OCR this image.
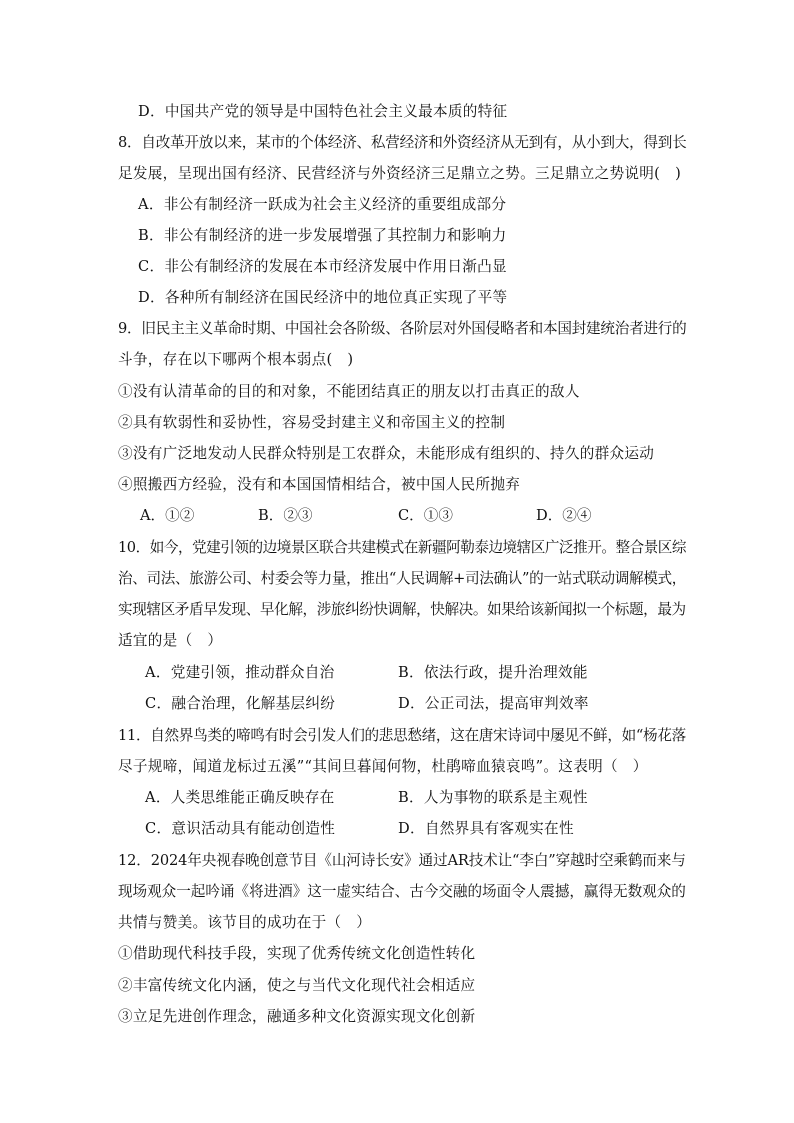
D．中国共产党的领导是中国特色社会主义最本质的特征
8．自改革开放以来，某市的个体经济、私营经济和外资经济从无到有，从小到大，得到长
足发展，呈现出国有经济、民营经济与外资经济三足鼎立之势。三足鼎立之势说明(　)
A．非公有制经济一跃成为社会主义经济的重要组成部分
B．非公有制经济的进一步发展增强了其控制力和影响力
C．非公有制经济的发展在本市经济发展中作用日渐凸显
D．各种所有制经济在国民经济中的地位真正实现了平等
9．旧民主主义革命时期、中国社会各阶级、各阶层对外国侵略者和本国封建统治者进行的
斗争，存在以下哪两个根本弱点(　)
①没有认清革命的目的和对象，不能团结真正的朋友以打击真正的敌人
②具有软弱性和妥协性，容易受封建主义和帝国主义的控制
③没有广泛地发动人民群众特别是工农群众，未能形成有组织的、持久的群众运动
④照搬西方经验，没有和本国国情相结合，被中国人民所抛弃
A．①②	B．②③	C．①③	D．②④
10．如今，党建引领的边境景区联合共建模式在新疆阿勒泰边境辖区广泛推开。整合景区综
治、司法、旅游公司、村委会等力量，推出“人民调解+司法确认”的一站式联动调解模式，
实现辖区矛盾早发现、早化解，涉旅纠纷快调解，快解决。如果给该新闻拟一个标题，最为
适宜的是（　）
A．党建引领，推动群众自治	B．依法行政，提升治理效能
C．融合治理，化解基层纠纷	D．公正司法，提高审判效率
11．自然界鸟类的啼鸣有时会引发人们的悲思愁绪，这在唐宋诗词中屡见不鲜，如“杨花落
尽子规啼，闻道龙标过五溪”“其间旦暮闻何物，杜鹃啼血猿哀鸣”。这表明（　）
A．人类思维能正确反映存在	B．人为事物的联系是主观性
C．意识活动具有能动创造性	D．自然界具有客观实在性
12．2024年央视春晚创意节目《山河诗长安》通过AR技术让“李白”穿越时空乘鹤而来与
现场观众一起吟诵《将进酒》这一虚实结合、古今交融的场面令人震撼，赢得无数观众的
共情与赞美。该节目的成功在于（　）
①借助现代科技手段，实现了优秀传统文化创造性转化
②丰富传统文化内涵，使之与当代文化现代社会相适应
③立足先进创作理念，融通多种文化资源实现文化创新
